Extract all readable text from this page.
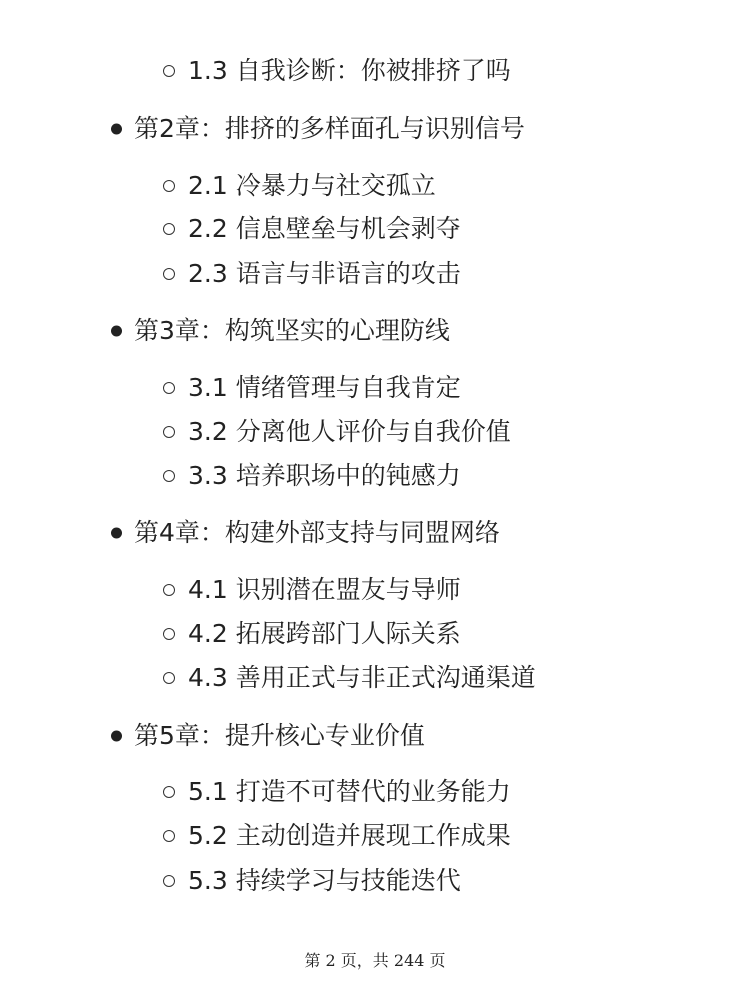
1.3 自我诊断：你被排挤了吗
第2章：排挤的多样面孔与识别信号
2.1 冷暴力与社交孤立
2.2 信息壁垒与机会剥夺
2.3 语言与非语言的攻击
第3章：构筑坚实的心理防线
3.1 情绪管理与自我肯定
3.2 分离他人评价与自我价值
3.3 培养职场中的钝感力
第4章：构建外部支持与同盟网络
4.1 识别潜在盟友与导师
4.2 拓展跨部门人际关系
4.3 善用正式与非正式沟通渠道
第5章：提升核心专业价值
5.1 打造不可替代的业务能力
5.2 主动创造并展现工作成果
5.3 持续学习与技能迭代
第 2 页，共 244 页
